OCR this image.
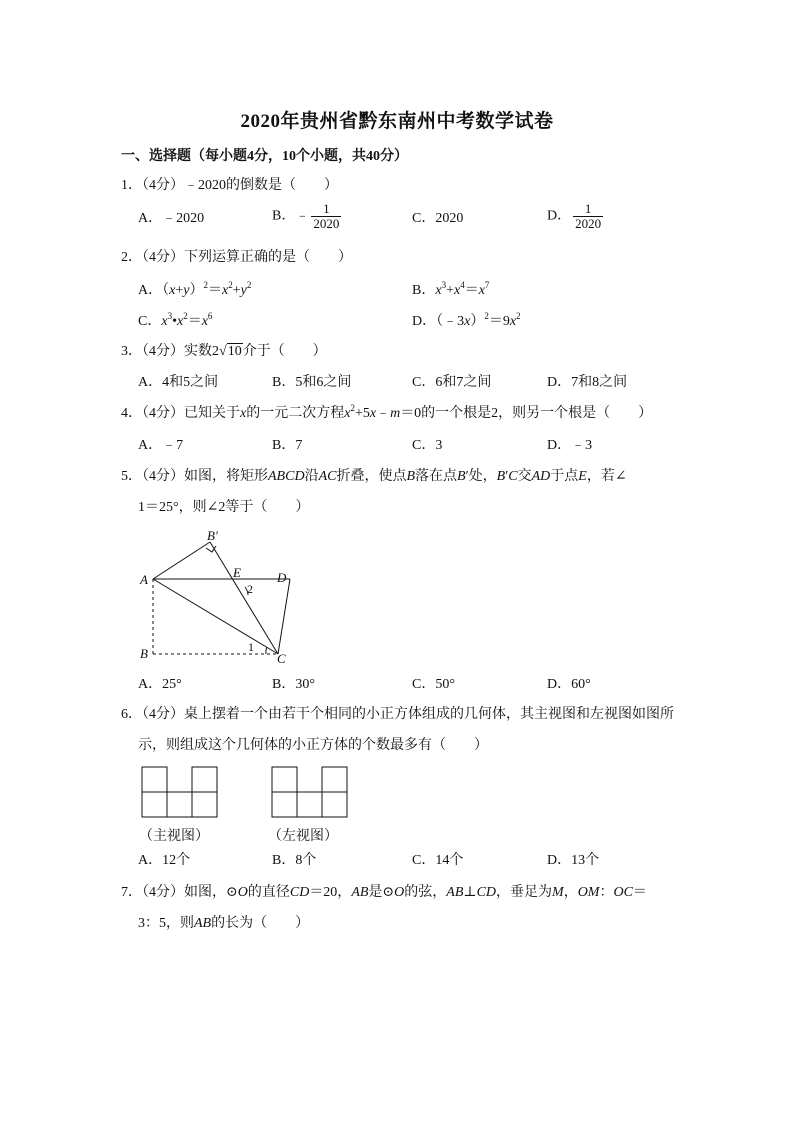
2020年贵州省黔东南州中考数学试卷
一、选择题（每小题4分，10个小题，共40分）
1．（4分）﹣2020的倒数是（　　）
A．﹣2020	B．﹣ $\frac{1}{2020}$	C．2020	D． $\frac{1}{2020}$
2．（4分）下列运算正确的是（　　）
A．$(x+y)^2=x^2+y^2$	B．$x^3+x^4=x^7$
C．$x^3•x^2=x^6$	D．$(﹣3x)^2=9x^2$
3．（4分）实数2√10介于（　　）
A．4和5之间	B．5和6之间	C．6和7之间	D．7和8之间
4．（4分）已知关于x的一元二次方程$x^2+5x﹣m=0$的一个根是2，则另一个根是（　　）
A．﹣7	B．7	C．3	D．﹣3
5．（4分）如图，将矩形ABCD沿AC折叠，使点B落在点B′处，B′C交AD于点E，若∠
1＝25°，则∠2等于（　　）
A
B	C
D
E
B′
2
1
A．25°	B．30°	C．50°	D．60°
6．（4分）桌上摆着一个由若干个相同的小正方体组成的几何体，其主视图和左视图如图所
示，则组成这个几何体的小正方体的个数最多有（　　）
（主视图）	（左视图）
A．12个	B．8个	C．14个	D．13个
7．（4分）如图，⊙O的直径CD＝20，AB是⊙O的弦，AB⊥CD，垂足为M，OM：OC＝
3：5，则AB的长为（　　）
